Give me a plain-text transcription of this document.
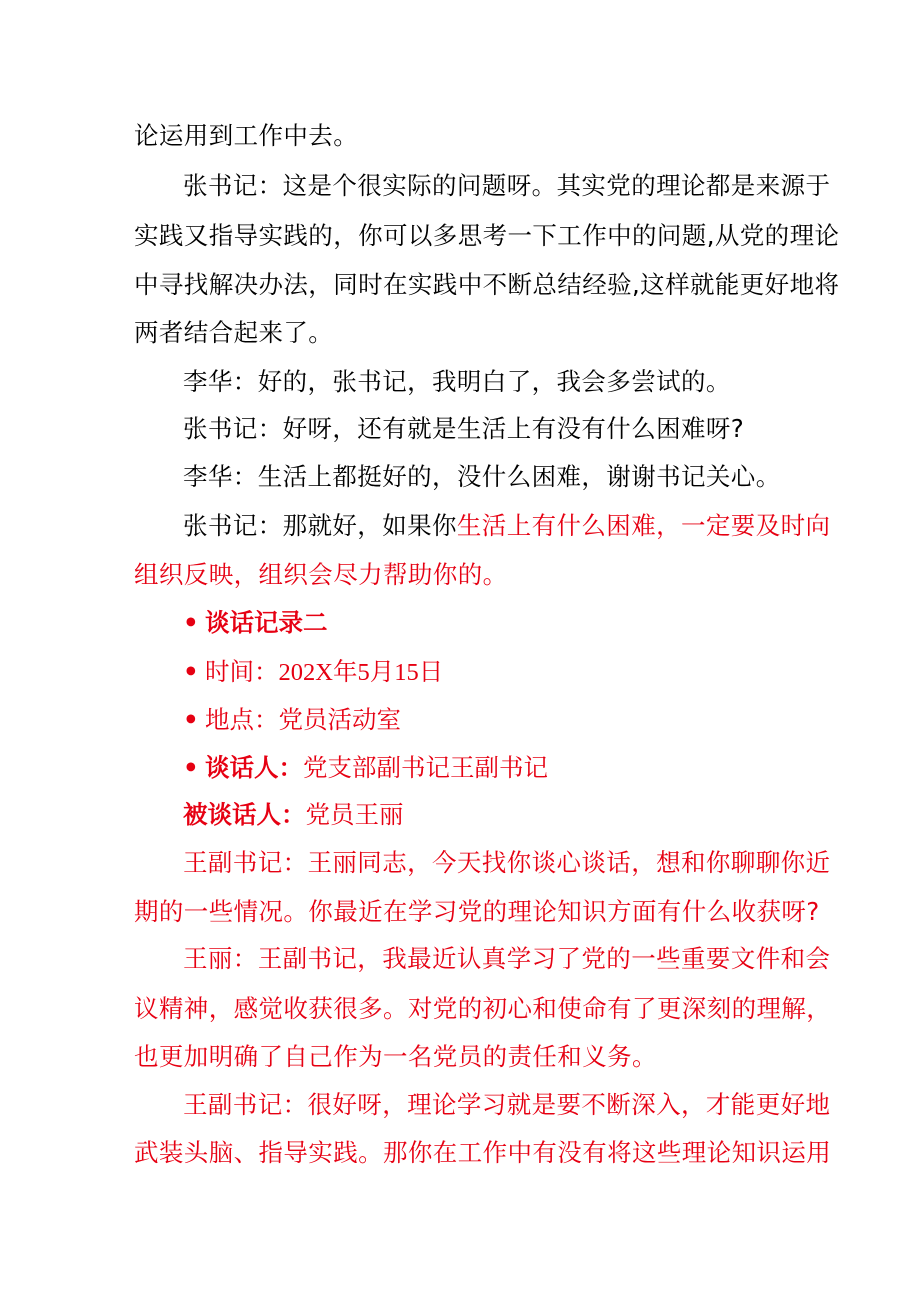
论运用到工作中去。
张书记：这是个很实际的问题呀。其实党的理论都是来源于
实践又指导实践的，你可以多思考一下工作中的问题,从党的理论
中寻找解决办法，同时在实践中不断总结经验,这样就能更好地将
两者结合起来了。
李华：好的，张书记，我明白了，我会多尝试的。
张书记：好呀，还有就是生活上有没有什么困难呀?
李华：生活上都挺好的，没什么困难，谢谢书记关心。
张书记：那就好，如果你生活上有什么困难，一定要及时向
组织反映，组织会尽力帮助你的。
• 谈话记录二
• 时间：202X年5月15日
• 地点：党员活动室
• 谈话人：党支部副书记王副书记
被谈话人：党员王丽
王副书记：王丽同志，今天找你谈心谈话，想和你聊聊你近
期的一些情况。你最近在学习党的理论知识方面有什么收获呀?
王丽：王副书记，我最近认真学习了党的一些重要文件和会
议精神，感觉收获很多。对党的初心和使命有了更深刻的理解，
也更加明确了自己作为一名党员的责任和义务。
王副书记：很好呀，理论学习就是要不断深入，才能更好地
武装头脑、指导实践。那你在工作中有没有将这些理论知识运用
